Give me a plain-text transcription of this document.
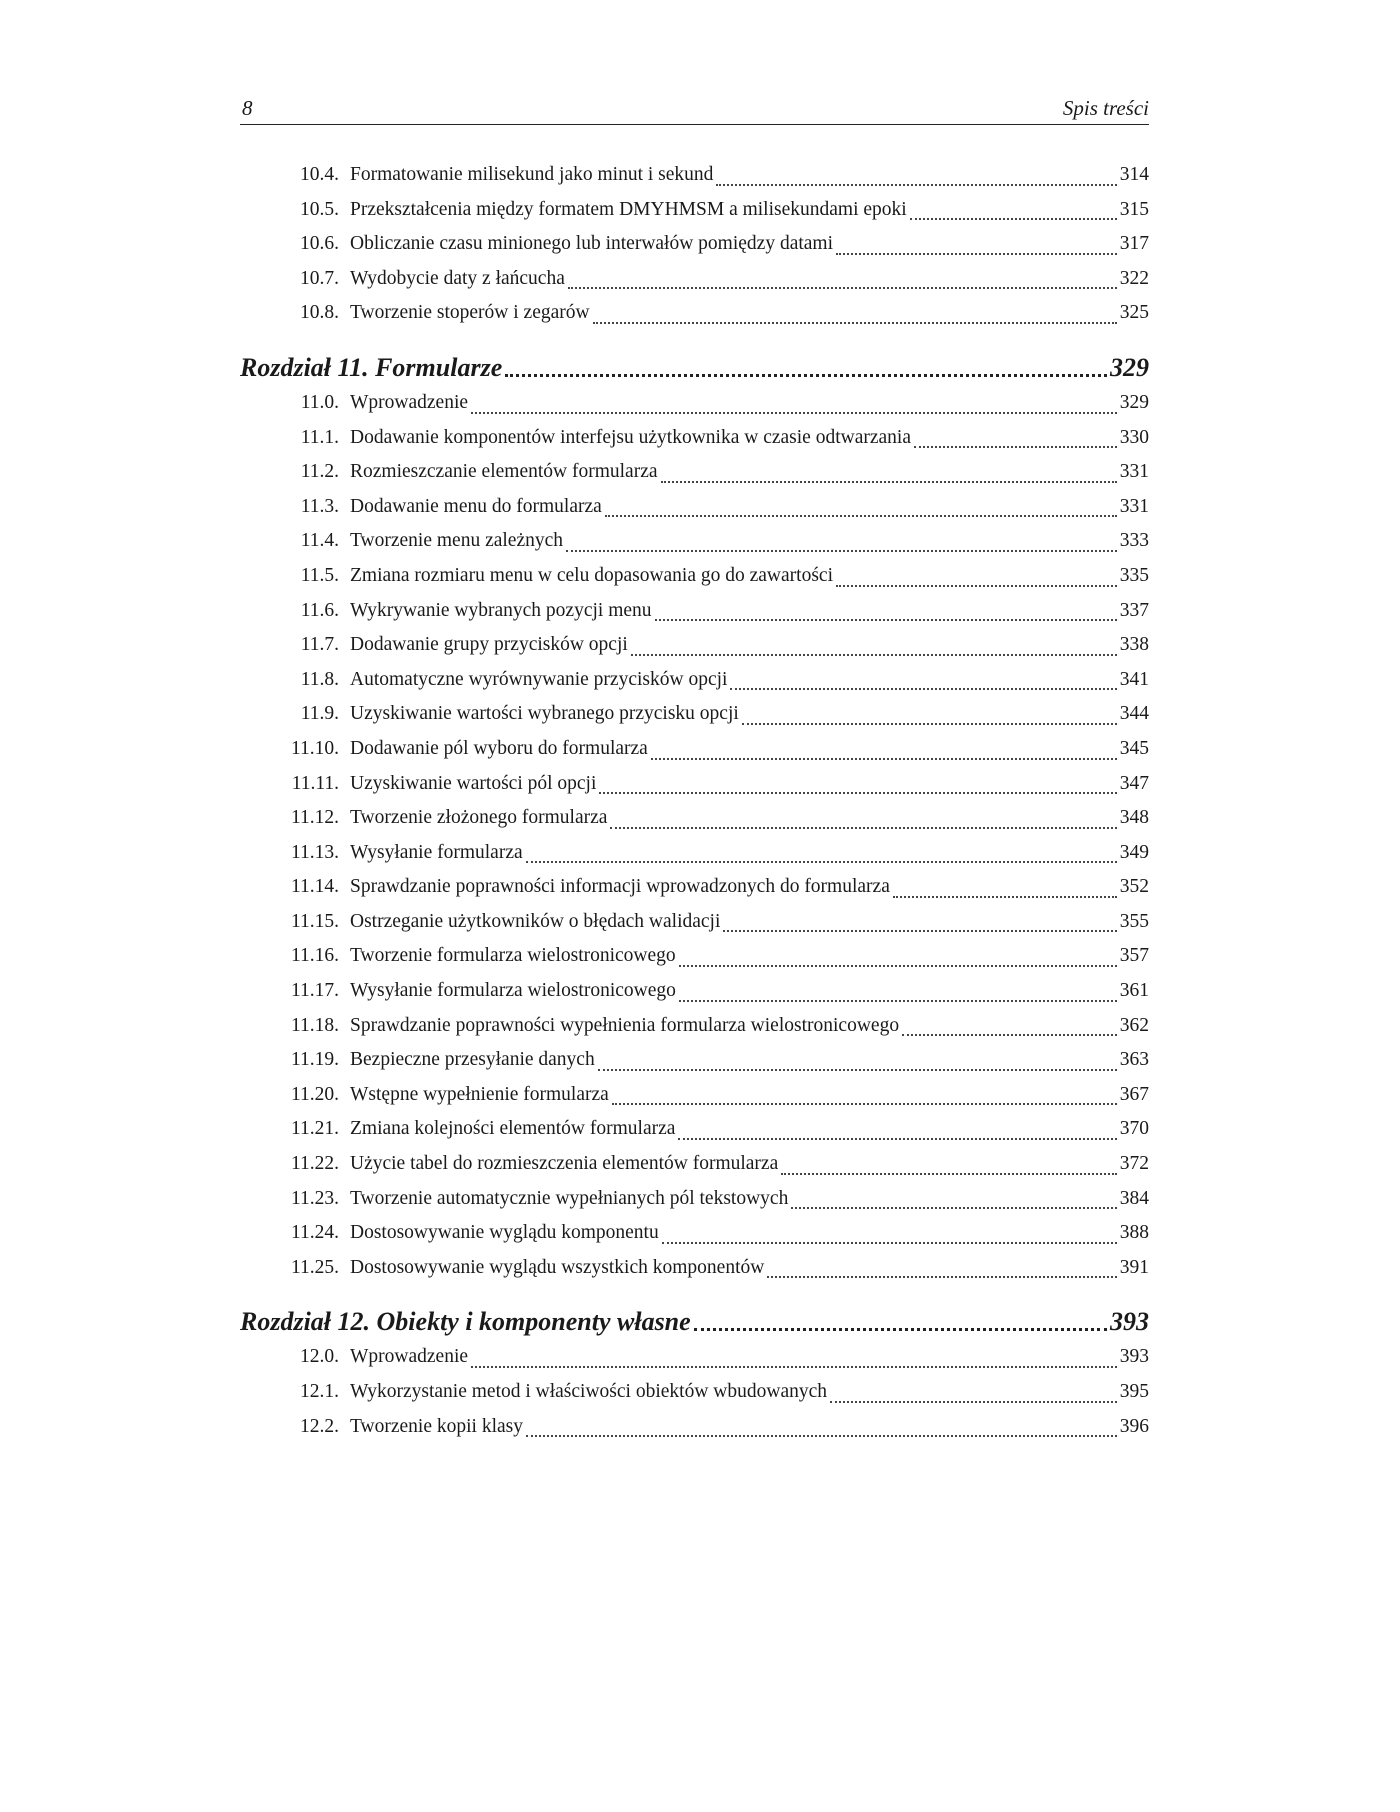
8	Spis treści
10.4. Formatowanie milisekund jako minut i sekund	314
10.5. Przekształcenia między formatem DMYHMSM a milisekundami epoki	315
10.6. Obliczanie czasu minionego lub interwałów pomiędzy datami	317
10.7. Wydobycie daty z łańcucha	322
10.8. Tworzenie stoperów i zegarów	325
Rozdział 11. Formularze	329
11.0. Wprowadzenie	329
11.1. Dodawanie komponentów interfejsu użytkownika w czasie odtwarzania	330
11.2. Rozmieszczanie elementów formularza	331
11.3. Dodawanie menu do formularza	331
11.4. Tworzenie menu zależnych	333
11.5. Zmiana rozmiaru menu w celu dopasowania go do zawartości	335
11.6. Wykrywanie wybranych pozycji menu	337
11.7. Dodawanie grupy przycisków opcji	338
11.8. Automatyczne wyrównywanie przycisków opcji	341
11.9. Uzyskiwanie wartości wybranego przycisku opcji	344
11.10. Dodawanie pól wyboru do formularza	345
11.11. Uzyskiwanie wartości pól opcji	347
11.12. Tworzenie złożonego formularza	348
11.13. Wysyłanie formularza	349
11.14. Sprawdzanie poprawności informacji wprowadzonych do formularza	352
11.15. Ostrzeganie użytkowników o błędach walidacji	355
11.16. Tworzenie formularza wielostronicowego	357
11.17. Wysyłanie formularza wielostronicowego	361
11.18. Sprawdzanie poprawności wypełnienia formularza wielostronicowego	362
11.19. Bezpieczne przesyłanie danych	363
11.20. Wstępne wypełnienie formularza	367
11.21. Zmiana kolejności elementów formularza	370
11.22. Użycie tabel do rozmieszczenia elementów formularza	372
11.23. Tworzenie automatycznie wypełnianych pól tekstowych	384
11.24. Dostosowywanie wyglądu komponentu	388
11.25. Dostosowywanie wyglądu wszystkich komponentów	391
Rozdział 12. Obiekty i komponenty własne	393
12.0. Wprowadzenie	393
12.1. Wykorzystanie metod i właściwości obiektów wbudowanych	395
12.2. Tworzenie kopii klasy	396
